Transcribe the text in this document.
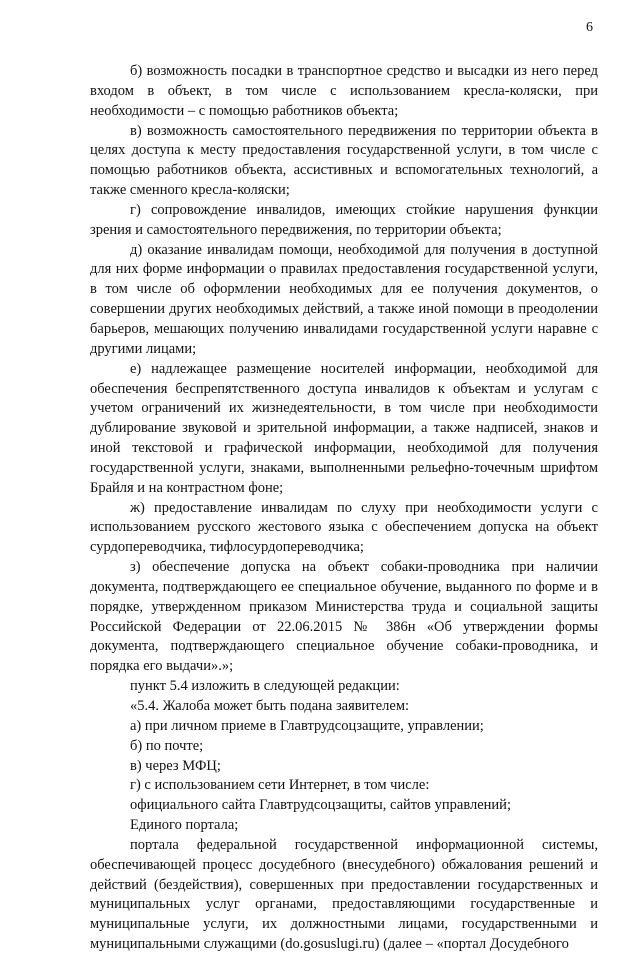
6

б) возможность посадки в транспортное средство и высадки из него перед входом в объект, в том числе с использованием кресла-коляски, при необходимости – с помощью работников объекта;

в) возможность самостоятельного передвижения по территории объекта в целях доступа к месту предоставления государственной услуги, в том числе с помощью работников объекта, ассистивных и вспомогательных технологий, а также сменного кресла-коляски;

г) сопровождение инвалидов, имеющих стойкие нарушения функции зрения и самостоятельного передвижения, по территории объекта;

д) оказание инвалидам помощи, необходимой для получения в доступной для них форме информации о правилах предоставления государственной услуги, в том числе об оформлении необходимых для ее получения документов, о совершении других необходимых действий, а также иной помощи в преодолении барьеров, мешающих получению инвалидами государственной услуги наравне с другими лицами;

е) надлежащее размещение носителей информации, необходимой для обеспечения беспрепятственного доступа инвалидов к объектам и услугам с учетом ограничений их жизнедеятельности, в том числе при необходимости дублирование звуковой и зрительной информации, а также надписей, знаков и иной текстовой и графической информации, необходимой для получения государственной услуги, знаками, выполненными рельефно-точечным шрифтом Брайля и на контрастном фоне;

ж) предоставление инвалидам по слуху при необходимости услуги с использованием русского жестового языка с обеспечением допуска на объект сурдопереводчика, тифлосурдопереводчика;

з) обеспечение допуска на объект собаки-проводника при наличии документа, подтверждающего ее специальное обучение, выданного по форме и в порядке, утвержденном приказом Министерства труда и социальной защиты Российской Федерации от 22.06.2015 № 386н «Об утверждении формы документа, подтверждающего специальное обучение собаки-проводника, и порядка его выдачи».»;

пункт 5.4 изложить в следующей редакции:

«5.4. Жалоба может быть подана заявителем:

а) при личном приеме в Главтрудсоцзащите, управлении;

б) по почте;

в) через МФЦ;

г) с использованием сети Интернет, в том числе:

официального сайта Главтрудсоцзащиты, сайтов управлений;

Единого портала;

портала федеральной государственной информационной системы, обеспечивающей процесс досудебного (внесудебного) обжалования решений и действий (бездействия), совершенных при предоставлении государственных и муниципальных услуг органами, предоставляющими государственные и муниципальные услуги, их должностными лицами, государственными и муниципальными служащими (do.gosuslugi.ru) (далее – «портал Досудебного
